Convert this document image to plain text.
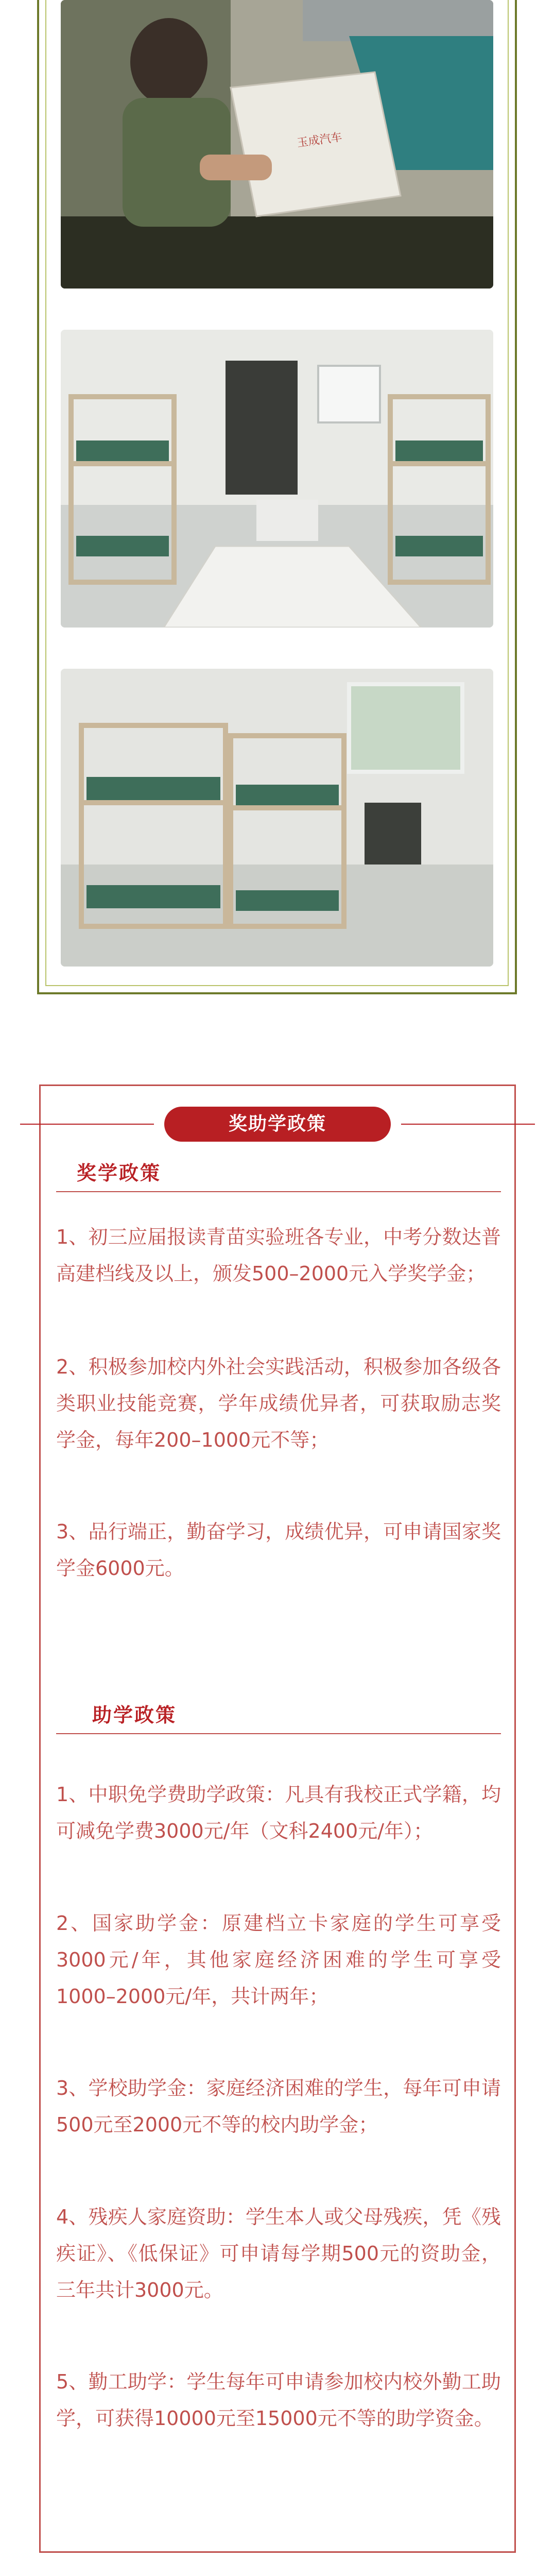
玉成汽车
奖助学政策
奖学政策
1、初三应届报读青苗实验班各专业，中考分数达普高建档线及以上，颁发500–2000元入学奖学金；
2、积极参加校内外社会实践活动，积极参加各级各类职业技能竞赛，学年成绩优异者，可获取励志奖学金，每年200–1000元不等；
3、品行端正，勤奋学习，成绩优异，可申请国家奖学金6000元。
助学政策
1、中职免学费助学政策：凡具有我校正式学籍，均可减免学费3000元/年（文科2400元/年）；
2、国家助学金：原建档立卡家庭的学生可享受3000元/年，其他家庭经济困难的学生可享受1000–2000元/年，共计两年；
3、学校助学金：家庭经济困难的学生，每年可申请500元至2000元不等的校内助学金；
4、残疾人家庭资助：学生本人或父母残疾，凭《残疾证》、《低保证》可申请每学期500元的资助金，三年共计3000元。
5、勤工助学：学生每年可申请参加校内校外勤工助学，可获得10000元至15000元不等的助学资金。
